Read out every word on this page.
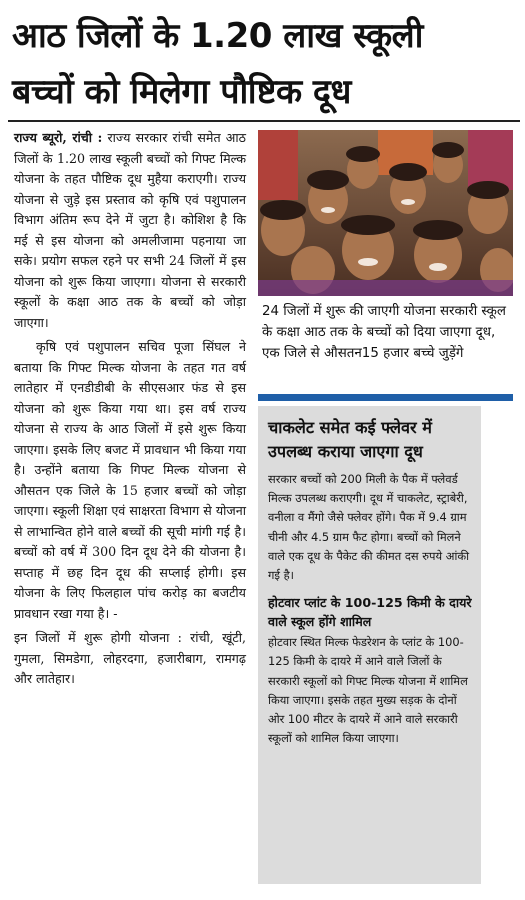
आठ जिलों के 1.20 लाख स्कूली
बच्चों को मिलेगा पौष्टिक दूध

राज्य ब्यूरो, रांची : राज्य सरकार रांची समेत आठ जिलों के 1.20 लाख स्कूली बच्चों को गिफ्ट मिल्क योजना के तहत पौष्टिक दूध मुहैया कराएगी। राज्य योजना से जुड़े इस प्रस्ताव को कृषि एवं पशुपालन विभाग अंतिम रूप देने में जुटा है। कोशिश है कि मई से इस योजना को अमलीजामा पहनाया जा सके। प्रयोग सफल रहने पर सभी 24 जिलों में इस योजना को शुरू किया जाएगा। योजना से सरकारी स्कूलों के कक्षा आठ तक के बच्चों को जोड़ा जाएगा।

कृषि एवं पशुपालन सचिव पूजा सिंघल ने बताया कि गिफ्ट मिल्क योजना के तहत गत वर्ष लातेहार में एनडीडीबी के सीएसआर फंड से इस योजना को शुरू किया गया था। इस वर्ष राज्य योजना से राज्य के आठ जिलों में इसे शुरू किया जाएगा। इसके लिए बजट में प्रावधान भी किया गया है। उन्होंने बताया कि गिफ्ट मिल्क योजना से औसतन एक जिले के 15 हजार बच्चों को जोड़ा जाएगा। स्कूली शिक्षा एवं साक्षरता विभाग से योजना से लाभान्वित होने वाले बच्चों की सूची मांगी गई है। बच्चों को वर्ष में 300 दिन दूध देने की योजना है। सप्ताह में छह दिन दूध की सप्लाई होगी। इस योजना के लिए फिलहाल पांच करोड़ का बजटीय प्रावधान रखा गया है। -

इन जिलों में शुरू होगी योजना : रांची, खूंटी, गुमला, सिमडेगा, लोहरदगा, हजारीबाग, रामगढ़ और लातेहार।

24 जिलों में शुरू की जाएगी योजना सरकारी स्कूल के कक्षा आठ तक के बच्चों को दिया जाएगा दूध, एक जिले से औसतन15 हजार बच्चे जुड़ेंगे
चाकलेट समेत कई फ्लेवर में उपलब्ध कराया जाएगा दूध

सरकार बच्चों को 200 मिली के पैक में फ्लेवर्ड मिल्क उपलब्ध कराएगी। दूध में चाकलेट, स्ट्राबेरी, वनीला व मैंगो जैसे फ्लेवर होंगे। पैक में 9.4 ग्राम चीनी और 4.5 ग्राम फैट होगा। बच्चों को मिलने वाले एक दूध के पैकेट की कीमत दस रुपये आंकी गई है।

होटवार प्लांट के 100-125 किमी के दायरे वाले स्कूल होंगे शामिल

होटवार स्थित मिल्क फेडरेशन के प्लांट के 100-125 किमी के दायरे में आने वाले जिलों के सरकारी स्कूलों को गिफ्ट मिल्क योजना में शामिल किया जाएगा। इसके तहत मुख्य सड़क के दोनों ओर 100 मीटर के दायरे में आने वाले सरकारी स्कूलों को शामिल किया जाएगा।
